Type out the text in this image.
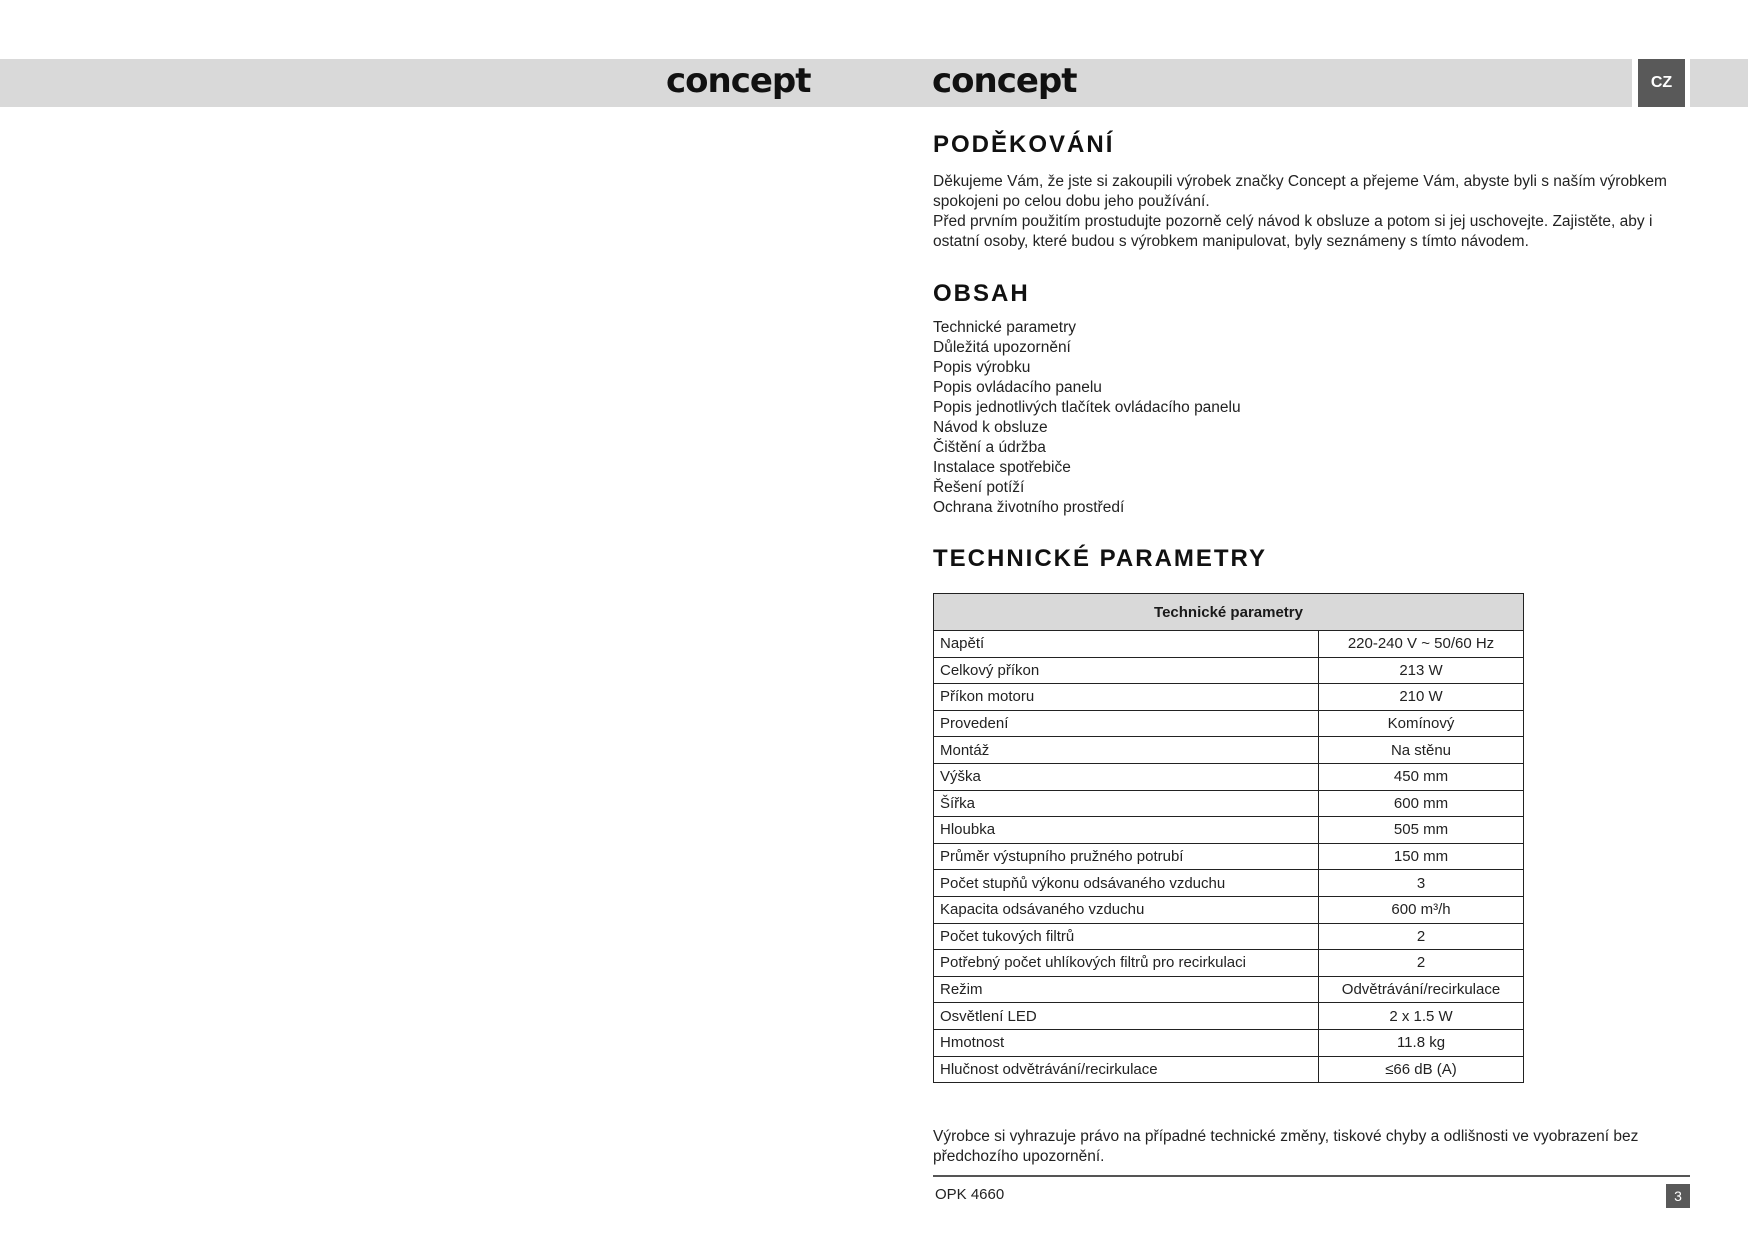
CZ
concept	concept
PODĚKOVÁNÍ
Děkujeme Vám, že jste si zakoupili výrobek značky Concept a přejeme Vám, abyste byli s naším výrobkem spokojeni po celou dobu jeho používání.
Před prvním použitím prostudujte pozorně celý návod k obsluze a potom si jej uschovejte. Zajistěte, aby i ostatní osoby, které budou s výrobkem manipulovat, byly seznámeny s tímto návodem.
OBSAH
Technické parametry
Důležitá upozornění
Popis výrobku
Popis ovládacího panelu
Popis jednotlivých tlačítek ovládacího panelu
Návod k obsluze
Čištění a údržba
Instalace spotřebiče
Řešení potíží
Ochrana životního prostředí
TECHNICKÉ PARAMETRY
Technické parametry	
Napětí	220-240 V ~ 50/60 Hz
Celkový příkon	213 W
Příkon motoru	210 W
Provedení	Komínový
Montáž	Na stěnu
Výška	450 mm
Šířka	600 mm
Hloubka	505 mm
Průměr výstupního pružného potrubí	150 mm
Počet stupňů výkonu odsávaného vzduchu	3
Kapacita odsávaného vzduchu	600 m³/h
Počet tukových filtrů	2
Potřebný počet uhlíkových filtrů pro recirkulaci	2
Režim	Odvětrávání/recirkulace
Osvětlení LED	2 x 1.5 W
Hmotnost	11.8 kg
Hlučnost odvětrávání/recirkulace	≤66 dB (A)
Výrobce si vyhrazuje právo na případné technické změny, tiskové chyby a odlišnosti ve vyobrazení bez předchozího upozornění.
OPK 4660	3
